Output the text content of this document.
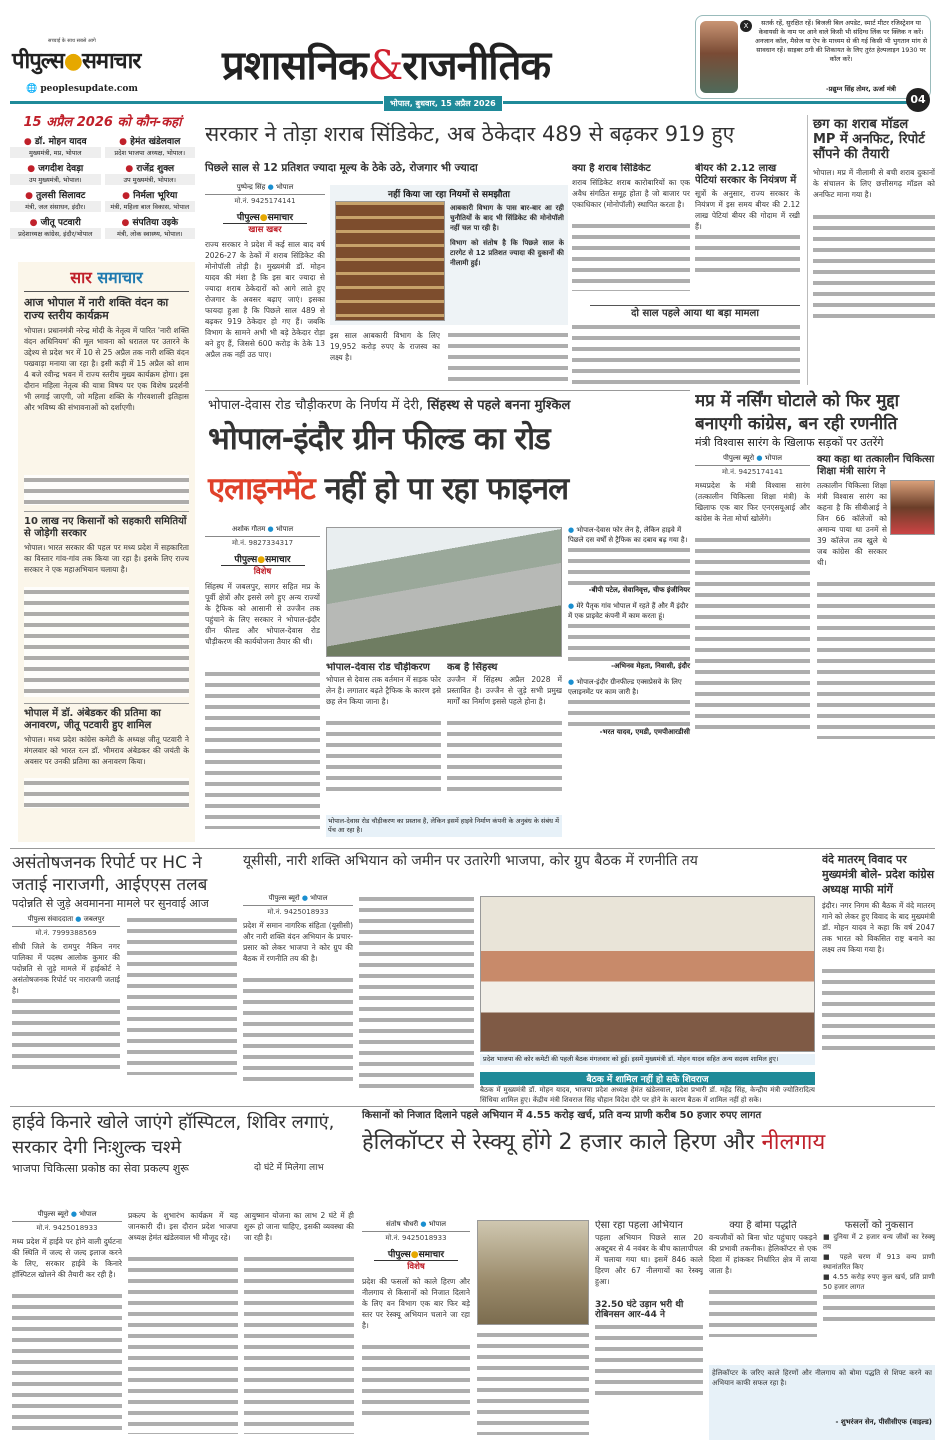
सच्चाई के साथ सबसे आगे
पीपुल्स●समाचार
🌐 peoplesupdate.com प्रशासनिक&राजनीतिक
X	सतर्क रहें, सुरक्षित रहें। बिजली बिल अपडेट, स्मार्ट मीटर रजिस्ट्रेशन या केवायसी के नाम पर आने वाले किसी भी संदिग्ध लिंक पर क्लिक न करें। अनजान कॉल, मैसेज या ऐप के माध्यम से की गई किसी भी भुगतान मांग से सावधान रहें। साइबर ठगी की शिकायत के लिए तुरंत हेल्पलाइन 1930 पर कॉल करें।
-प्रद्युम्न सिंह तोमर, ऊर्जा मंत्री
भोपाल, बुधवार, 15 अप्रैल 2026	04
15 अप्रैल 2026 को कौन-कहां
● डॉ. मोहन यादव
मुख्यमंत्री, मप्र, भोपाल
● हेमंत खंडेलवाल
प्रदेश भाजपा अध्यक्ष, भोपाल।
● जगदीश देवड़ा
उप मुख्यमंत्री, भोपाल।
● राजेंद्र शुक्ल
उप मुख्यमंत्री, भोपाल।
● तुलसी सिलावट
मंत्री, जल संसाधन, इंदौर।
● निर्मला भूरिया
मंत्री, महिला बाल विकास, भोपाल
● जीतू पटवारी
प्रदेशाध्यक्ष कांग्रेस, इंदौर/भोपाल
● संपतिया उइके
मंत्री, लोक स्वास्थ्य, भोपाल।
सार समाचार
आज भोपाल में नारी शक्ति वंदन का राज्य स्तरीय कार्यक्रम
भोपाल। प्रधानमंत्री नरेन्द्र मोदी के नेतृत्व में पारित 'नारी शक्ति वंदन अधिनियम' की मूल भावना को धरातल पर उतारने के उद्देश्य से प्रदेश भर में 10 से 25 अप्रैल तक नारी शक्ति वंदन पखवाड़ा मनाया जा रहा है। इसी कड़ी में 15 अप्रैल को शाम 4 बजे रवीन्द्र भवन में राज्य स्तरीय मुख्य कार्यक्रम होगा। इस दौरान महिला नेतृत्व की यात्रा विषय पर एक विशेष प्रदर्शनी भी लगाई जाएगी, जो महिला शक्ति के गौरवशाली इतिहास और भविष्य की संभावनाओं को दर्शाएगी।
10 लाख नए किसानों को सहकारी समितियों से जोड़ेगी सरकार
भोपाल। भारत सरकार की पहल पर मध्य प्रदेश में सहकारिता का विस्तार गांव-गांव तक किया जा रहा है। इसके लिए राज्य सरकार ने एक महाअभियान चलाया है।
भोपाल में डॉ. अंबेडकर की प्रतिमा का अनावरण, जीतू पटवारी हुए शामिल
भोपाल। मध्य प्रदेश कांग्रेस कमेटी के अध्यक्ष जीतू पटवारी ने मंगलवार को भारत रत्न डॉ. भीमराव अंबेडकर की जयंती के अवसर पर उनकी प्रतिमा का अनावरण किया।
सरकार ने तोड़ा शराब सिंडिकेट, अब ठेकेदार 489 से बढ़कर 919 हुए
पिछले साल से 12 प्रतिशत ज्यादा मूल्य के ठेके उठे, रोजगार भी ज्यादा
पुष्पेन्द्र सिंह ● भोपाल
मो.नं. 9425174141
पीपुल्स●समाचार
खास खबर
राज्य सरकार ने प्रदेश में कई साल बाद वर्ष 2026-27 के ठेकों में शराब सिंडिकेट की मोनोपॉली तोड़ी है। मुख्यमंत्री डॉ. मोहन यादव की मंशा है कि इस बार ज्यादा से ज्यादा शराब ठेकेदारों को आगे लाते हुए रोजगार के अवसर बढ़ाए जाएं। इसका फायदा हुआ है कि पिछले साल 489 से बढ़कर 919 ठेकेदार हो गए हैं। जबकि विभाग के सामने अभी भी बड़े ठेकेदार रोड़ा बने हुए हैं, जिससे 600 करोड़ के ठेके 13 अप्रैल तक नहीं उठ पाए।
नहीं किया जा रहा नियमों से समझौता
आबकारी विभाग के पास बार-बार आ रही चुनौतियों के बाद भी सिंडिकेट की मोनोपॉली नहीं चल पा रही है।
विभाग को संतोष है कि पिछले साल के टारगेट से 12 प्रतिशत ज्यादा की दुकानों की नीलामी हुई।
इस साल आबकारी विभाग के लिए 19,952 करोड़ रुपए के राजस्व का लक्ष्य है।
क्या है शराब सिंडिकेट
शराब सिंडिकेट शराब कारोबारियों का एक अवैध संगठित समूह होता है जो बाजार पर एकाधिकार (मोनोपॉली) स्थापित करता है।
बीयर की 2.12 लाख पेटियां सरकार के नियंत्रण में
सूत्रों के अनुसार, राज्य सरकार के नियंत्रण में इस समय बीयर की 2.12 लाख पेटियां बीयर की गोदाम में रखी हैं।
दो साल पहले आया था बड़ा मामला
छग का शराब मॉडल MP में अनफिट, रिपोर्ट सौंपने की तैयारी
भोपाल। मप्र में नीलामी से बची शराब दुकानों के संचालन के लिए छत्तीसगढ़ मॉडल को अनफिट माना गया है।
भोपाल-देवास रोड चौड़ीकरण के निर्णय में देरी, सिंहस्थ से पहले बनना मुश्किल
भोपाल-इंदौर ग्रीन फील्ड का रोड
एलाइनमेंट नहीं हो पा रहा फाइनल
अशोक गौतम ● भोपाल
मो.नं. 9827334317
पीपुल्स●समाचार
विशेष
सिंहस्थ में जबलपुर, सागर सहित मप्र के पूर्वी क्षेत्रों और इससे लगे हुए अन्य राज्यों के ट्रैफिक को आसानी से उज्जैन तक पहुंचाने के लिए सरकार ने भोपाल-इंदौर ग्रीन फील्ड और भोपाल-देवास रोड चौड़ीकरण की कार्ययोजना तैयार की थी।
भोपाल-देवास रोड चौड़ीकरण
भोपाल से देवास तक वर्तमान में सड़क फोर लेन है। लगातार बढ़ते ट्रैफिक के कारण इसे छह लेन किया जाना है।
कब है सिंहस्थ
उज्जैन में सिंहस्थ अप्रैल 2028 में प्रस्तावित है। उज्जैन से जुड़े सभी प्रमुख मार्गों का निर्माण इससे पहले होना है।
भोपाल-देवास रोड चौड़ीकरण का प्रस्ताव है, लेकिन इसमें हाइवे निर्माण कंपनी के अनुबंध के संबंध में पेंच आ रहा है।
● भोपाल-देवास फोर लेन है, लेकिन हाइवे में पिछले दस वर्षों से ट्रैफिक का दबाव बढ़ गया है।
-बीपी पटेल, सेवानिवृत्त, चीफ इंजीनियर
● मेरे पैतृक गांव भोपाल में रहते हैं और मैं इंदौर में एक प्राइवेट कंपनी में काम करता हूं।
-अभिनव मेहता, निवासी, इंदौर
● भोपाल-इंदौर ग्रीनफील्ड एक्सप्रेसवे के लिए एलाइनमेंट पर काम जारी है।
-भरत यादव, एमडी, एमपीआरडीसी
मप्र में नर्सिंग घोटाले को फिर मुद्दा बनाएगी कांग्रेस, बन रही रणनीति
मंत्री विश्वास सारंग के खिलाफ सड़कों पर उतरेंगे
पीपुल्स ब्यूरो ● भोपाल
मो.नं. 9425174141
मध्यप्रदेश के मंत्री विश्वास सारंग (तत्कालीन चिकित्सा शिक्षा मंत्री) के खिलाफ एक बार फिर एनएसयूआई और कांग्रेस के नेता मोर्चा खोलेंगे।
क्या कहा था तत्कालीन चिकित्सा शिक्षा मंत्री सारंग ने
तत्कालीन चिकित्सा शिक्षा मंत्री विश्वास सारंग का कहना है कि सीबीआई ने जिन 66 कॉलेजों को अमान्य पाया था उनमें से 39 कॉलेज तब खुले थे जब कांग्रेस की सरकार थी।
असंतोषजनक रिपोर्ट पर HC ने जताई नाराजगी, आईएएस तलब
पदोन्नति से जुड़े अवमानना मामले पर सुनवाई आज
पीपुल्स संवाददाता ● जबलपुर
मो.नं. 7999388569
सीधी जिले के रामपुर नैकिन नगर पालिका में पदस्थ आलोक कुमार की पदोन्नति से जुड़े मामले में हाईकोर्ट ने असंतोषजनक रिपोर्ट पर नाराजगी जताई है।
यूसीसी, नारी शक्ति अभियान को जमीन पर उतारेगी भाजपा, कोर ग्रुप बैठक में रणनीति तय
पीपुल्स ब्यूरो ● भोपाल
मो.नं. 9425018933
प्रदेश में समान नागरिक संहिता (यूसीसी) और नारी शक्ति वंदन अभियान के प्रचार-प्रसार को लेकर भाजपा ने कोर ग्रुप की बैठक में रणनीति तय की है।
प्रदेश भाजपा की कोर कमेटी की पहली बैठक मंगलवार को हुई। इसमें मुख्यमंत्री डॉ. मोहन यादव सहित अन्य सदस्य शामिल हुए।
बैठक में शामिल नहीं हो सके शिवराज
बैठक में मुख्यमंत्री डॉ. मोहन यादव, भाजपा प्रदेश अध्यक्ष हेमंत खंडेलवाल, प्रदेश प्रभारी डॉ. महेंद्र सिंह, केन्द्रीय मंत्री ज्योतिरादित्य सिंधिया शामिल हुए। केंद्रीय मंत्री शिवराज सिंह चौहान विदेश दौरे पर होने के कारण बैठक में शामिल नहीं हो सके।
वंदे मातरम् विवाद पर मुख्यमंत्री बोले- प्रदेश कांग्रेस अध्यक्ष माफी मांगें
इंदौर। नगर निगम की बैठक में वंदे मातरम् गाने को लेकर हुए विवाद के बाद मुख्यमंत्री डॉ. मोहन यादव ने कहा कि वर्ष 2047 तक भारत को विकसित राष्ट्र बनाने का लक्ष्य तय किया गया है।
हाईवे किनारे खोले जाएंगे हॉस्पिटल, शिविर लगाएं, सरकार देगी निःशुल्क चश्मे
भाजपा चिकित्सा प्रकोष्ठ का सेवा प्रकल्प शुरू	दो घंटे में मिलेगा लाभ
पीपुल्स ब्यूरो ● भोपाल
मो.नं. 9425018933
मध्य प्रदेश में हाईवे पर होने वाली दुर्घटना की स्थिति में जल्द से जल्द इलाज करने के लिए, सरकार हाईवे के किनारे हॉस्पिटल खोलने की तैयारी कर रही है।
प्रकल्प के शुभारंभ कार्यक्रम में यह जानकारी दी। इस दौरान प्रदेश भाजपा अध्यक्ष हेमंत खंडेलवाल भी मौजूद रहे।
आयुष्मान योजना का लाभ 2 घंटे में ही शुरू हो जाना चाहिए, इसकी व्यवस्था की जा रही है।
किसानों को निजात दिलाने पहले अभियान में 4.55 करोड़ खर्च, प्रति वन्य प्राणी करीब 50 हजार रुपए लागत
हेलिकॉप्टर से रेस्क्यू होंगे 2 हजार काले हिरण और नीलगाय
संतोष चौधरी ● भोपाल
मो.नं. 9425018933
पीपुल्स●समाचार
विशेष
प्रदेश की फसलों को काले हिरण और नीलगाय से किसानों को निजात दिलाने के लिए वन विभाग एक बार फिर बड़े स्तर पर रेस्क्यू अभियान चलाने जा रहा है।
ऐसा रहा पहला अभियान
पहला अभियान पिछले साल 20 अक्टूबर से 4 नवंबर के बीच कालापीपल में चलाया गया था। इसमें 846 काले हिरण और 67 नीलगायों का रेस्क्यू हुआ।
32.50 घंटे उड़ान भरी थी रोबिनसन आर-44 ने
क्या है बोमा पद्धति
वन्यजीवों को बिना चोट पहुंचाए पकड़ने की प्रभावी तकनीक। हेलिकॉप्टर से एक दिशा में हांककर निर्धारित क्षेत्र में लाया जाता है।
फसलों को नुकसान
■ दुनिया में 2 हजार वन्य जीवों का रेस्क्यू तय
■ पहले चरण में 913 वन्य प्राणी स्थानांतरित किए
■ 4.55 करोड़ रुपए कुल खर्च, प्रति प्राणी 50 हजार लागत
हेलिकॉप्टर के जरिए काले हिरणों और नीलगाय को बोमा पद्धति से शिफ्ट करने का अभियान काफी सफल रहा है।
- शुभरंजन सेन, पीसीसीएफ (वाइल्ड)
